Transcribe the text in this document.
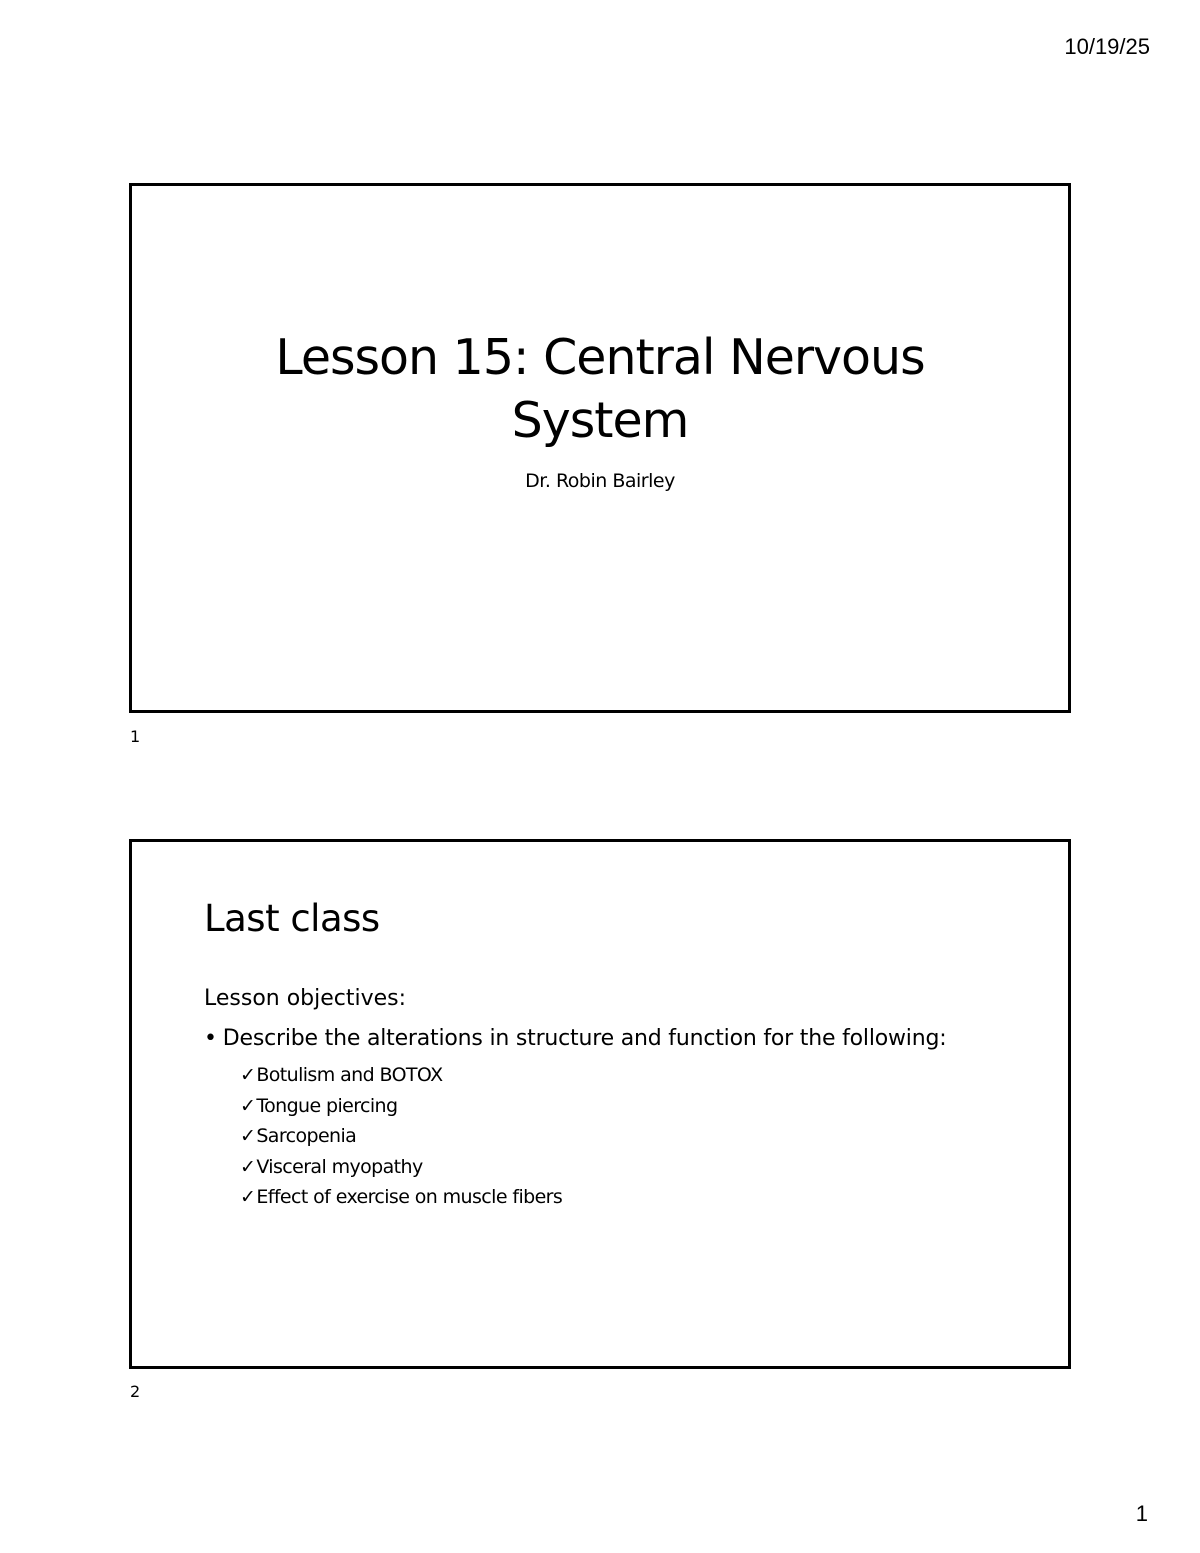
10/19/25
Lesson 15: Central Nervous
System
Dr. Robin Bairley
1
Last class
Lesson objectives:
• Describe the alterations in structure and function for the following:
✓Botulism and BOTOX
✓Tongue piercing
✓Sarcopenia
✓Visceral myopathy
✓Effect of exercise on muscle fibers
2
1
